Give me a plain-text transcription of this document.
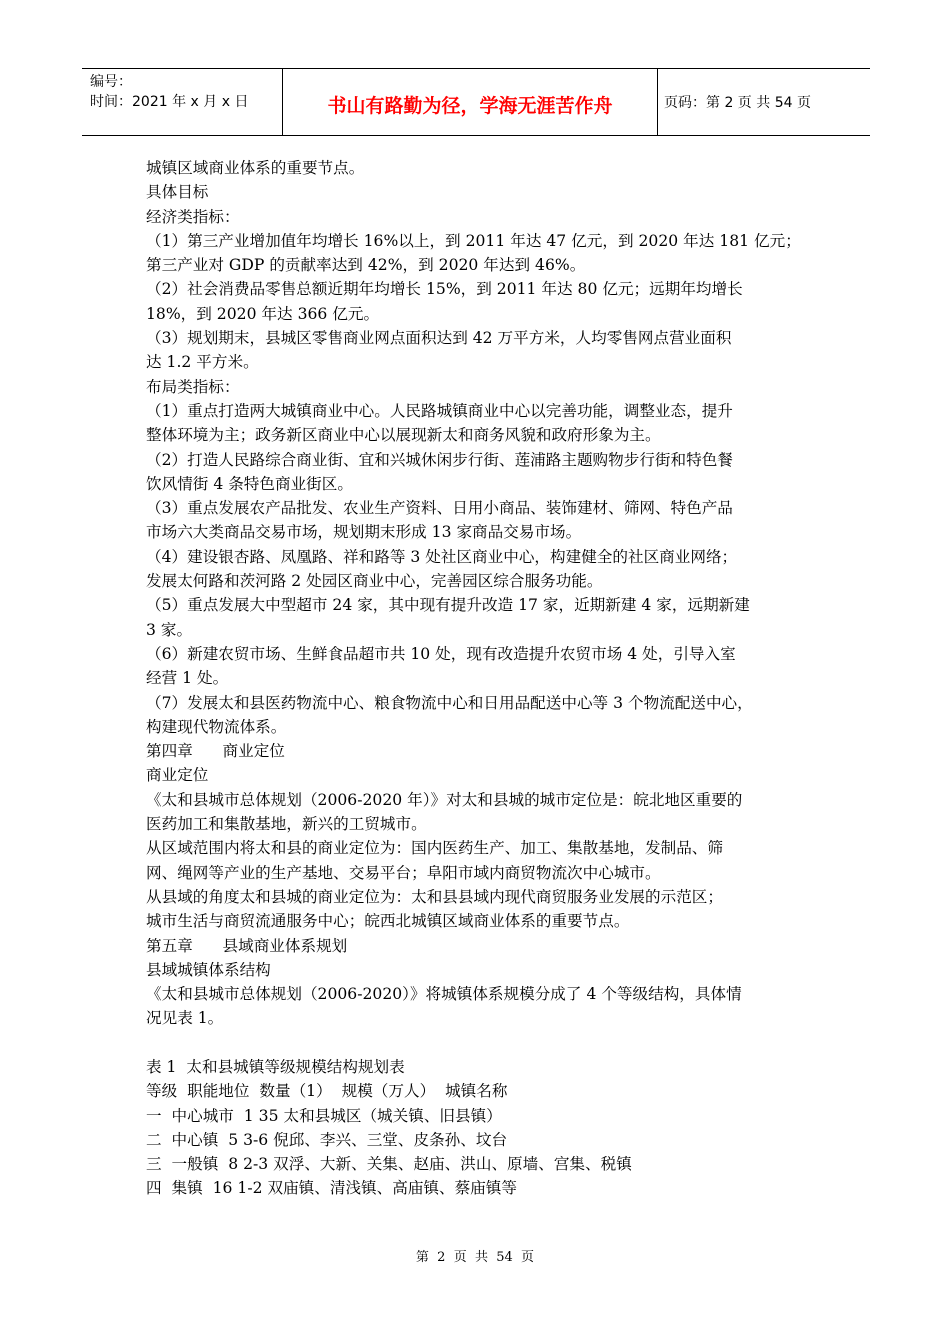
编号：
时间：2021 年 x 月 x 日	书山有路勤为径，学海无涯苦作舟	页码：第 2 页 共 54 页
城镇区域商业体系的重要节点。
具体目标
经济类指标：
（1）第三产业增加值年均增长 16%以上，到 2011 年达 47 亿元，到 2020 年达 181 亿元；
第三产业对 GDP 的贡献率达到 42%，到 2020 年达到 46%。
（2）社会消费品零售总额近期年均增长 15%，到 2011 年达 80 亿元；远期年均增长
18%，到 2020 年达 366 亿元。
（3）规划期末，县城区零售商业网点面积达到 42 万平方米，人均零售网点营业面积
达 1.2 平方米。
布局类指标：
（1）重点打造两大城镇商业中心。人民路城镇商业中心以完善功能，调整业态，提升
整体环境为主；政务新区商业中心以展现新太和商务风貌和政府形象为主。
（2）打造人民路综合商业街、宜和兴城休闲步行街、莲浦路主题购物步行街和特色餐
饮风情街 4 条特色商业街区。
（3）重点发展农产品批发、农业生产资料、日用小商品、装饰建材、筛网、特色产品
市场六大类商品交易市场，规划期末形成 13 家商品交易市场。
（4）建设银杏路、凤凰路、祥和路等 3 处社区商业中心，构建健全的社区商业网络；
发展太何路和茨河路 2 处园区商业中心，完善园区综合服务功能。
（5）重点发展大中型超市 24 家，其中现有提升改造 17 家，近期新建 4 家，远期新建
3 家。
（6）新建农贸市场、生鲜食品超市共 10 处，现有改造提升农贸市场 4 处，引导入室
经营 1 处。
（7）发展太和县医药物流中心、粮食物流中心和日用品配送中心等 3 个物流配送中心，
构建现代物流体系。
第四章      商业定位
商业定位
《太和县城市总体规划（2006-2020 年）》对太和县城的城市定位是：皖北地区重要的
医药加工和集散基地，新兴的工贸城市。
从区域范围内将太和县的商业定位为：国内医药生产、加工、集散基地，发制品、筛
网、绳网等产业的生产基地、交易平台；阜阳市域内商贸物流次中心城市。
从县域的角度太和县城的商业定位为：太和县县域内现代商贸服务业发展的示范区；
城市生活与商贸流通服务中心；皖西北城镇区域商业体系的重要节点。
第五章      县域商业体系规划
县域城镇体系结构
《太和县城市总体规划（2006-2020）》将城镇体系规模分成了 4 个等级结构，具体情
况见表 1。
表 1  太和县城镇等级规模结构规划表
等级  职能地位  数量（1）  规模（万人）  城镇名称
一  中心城市  1 35 太和县城区（城关镇、旧县镇）
二  中心镇  5 3-6 倪邱、李兴、三堂、皮条孙、坟台
三  一般镇  8 2-3 双浮、大新、关集、赵庙、洪山、原墙、宫集、税镇
四  集镇  16 1-2 双庙镇、清浅镇、高庙镇、蔡庙镇等
第  2  页  共  54  页
